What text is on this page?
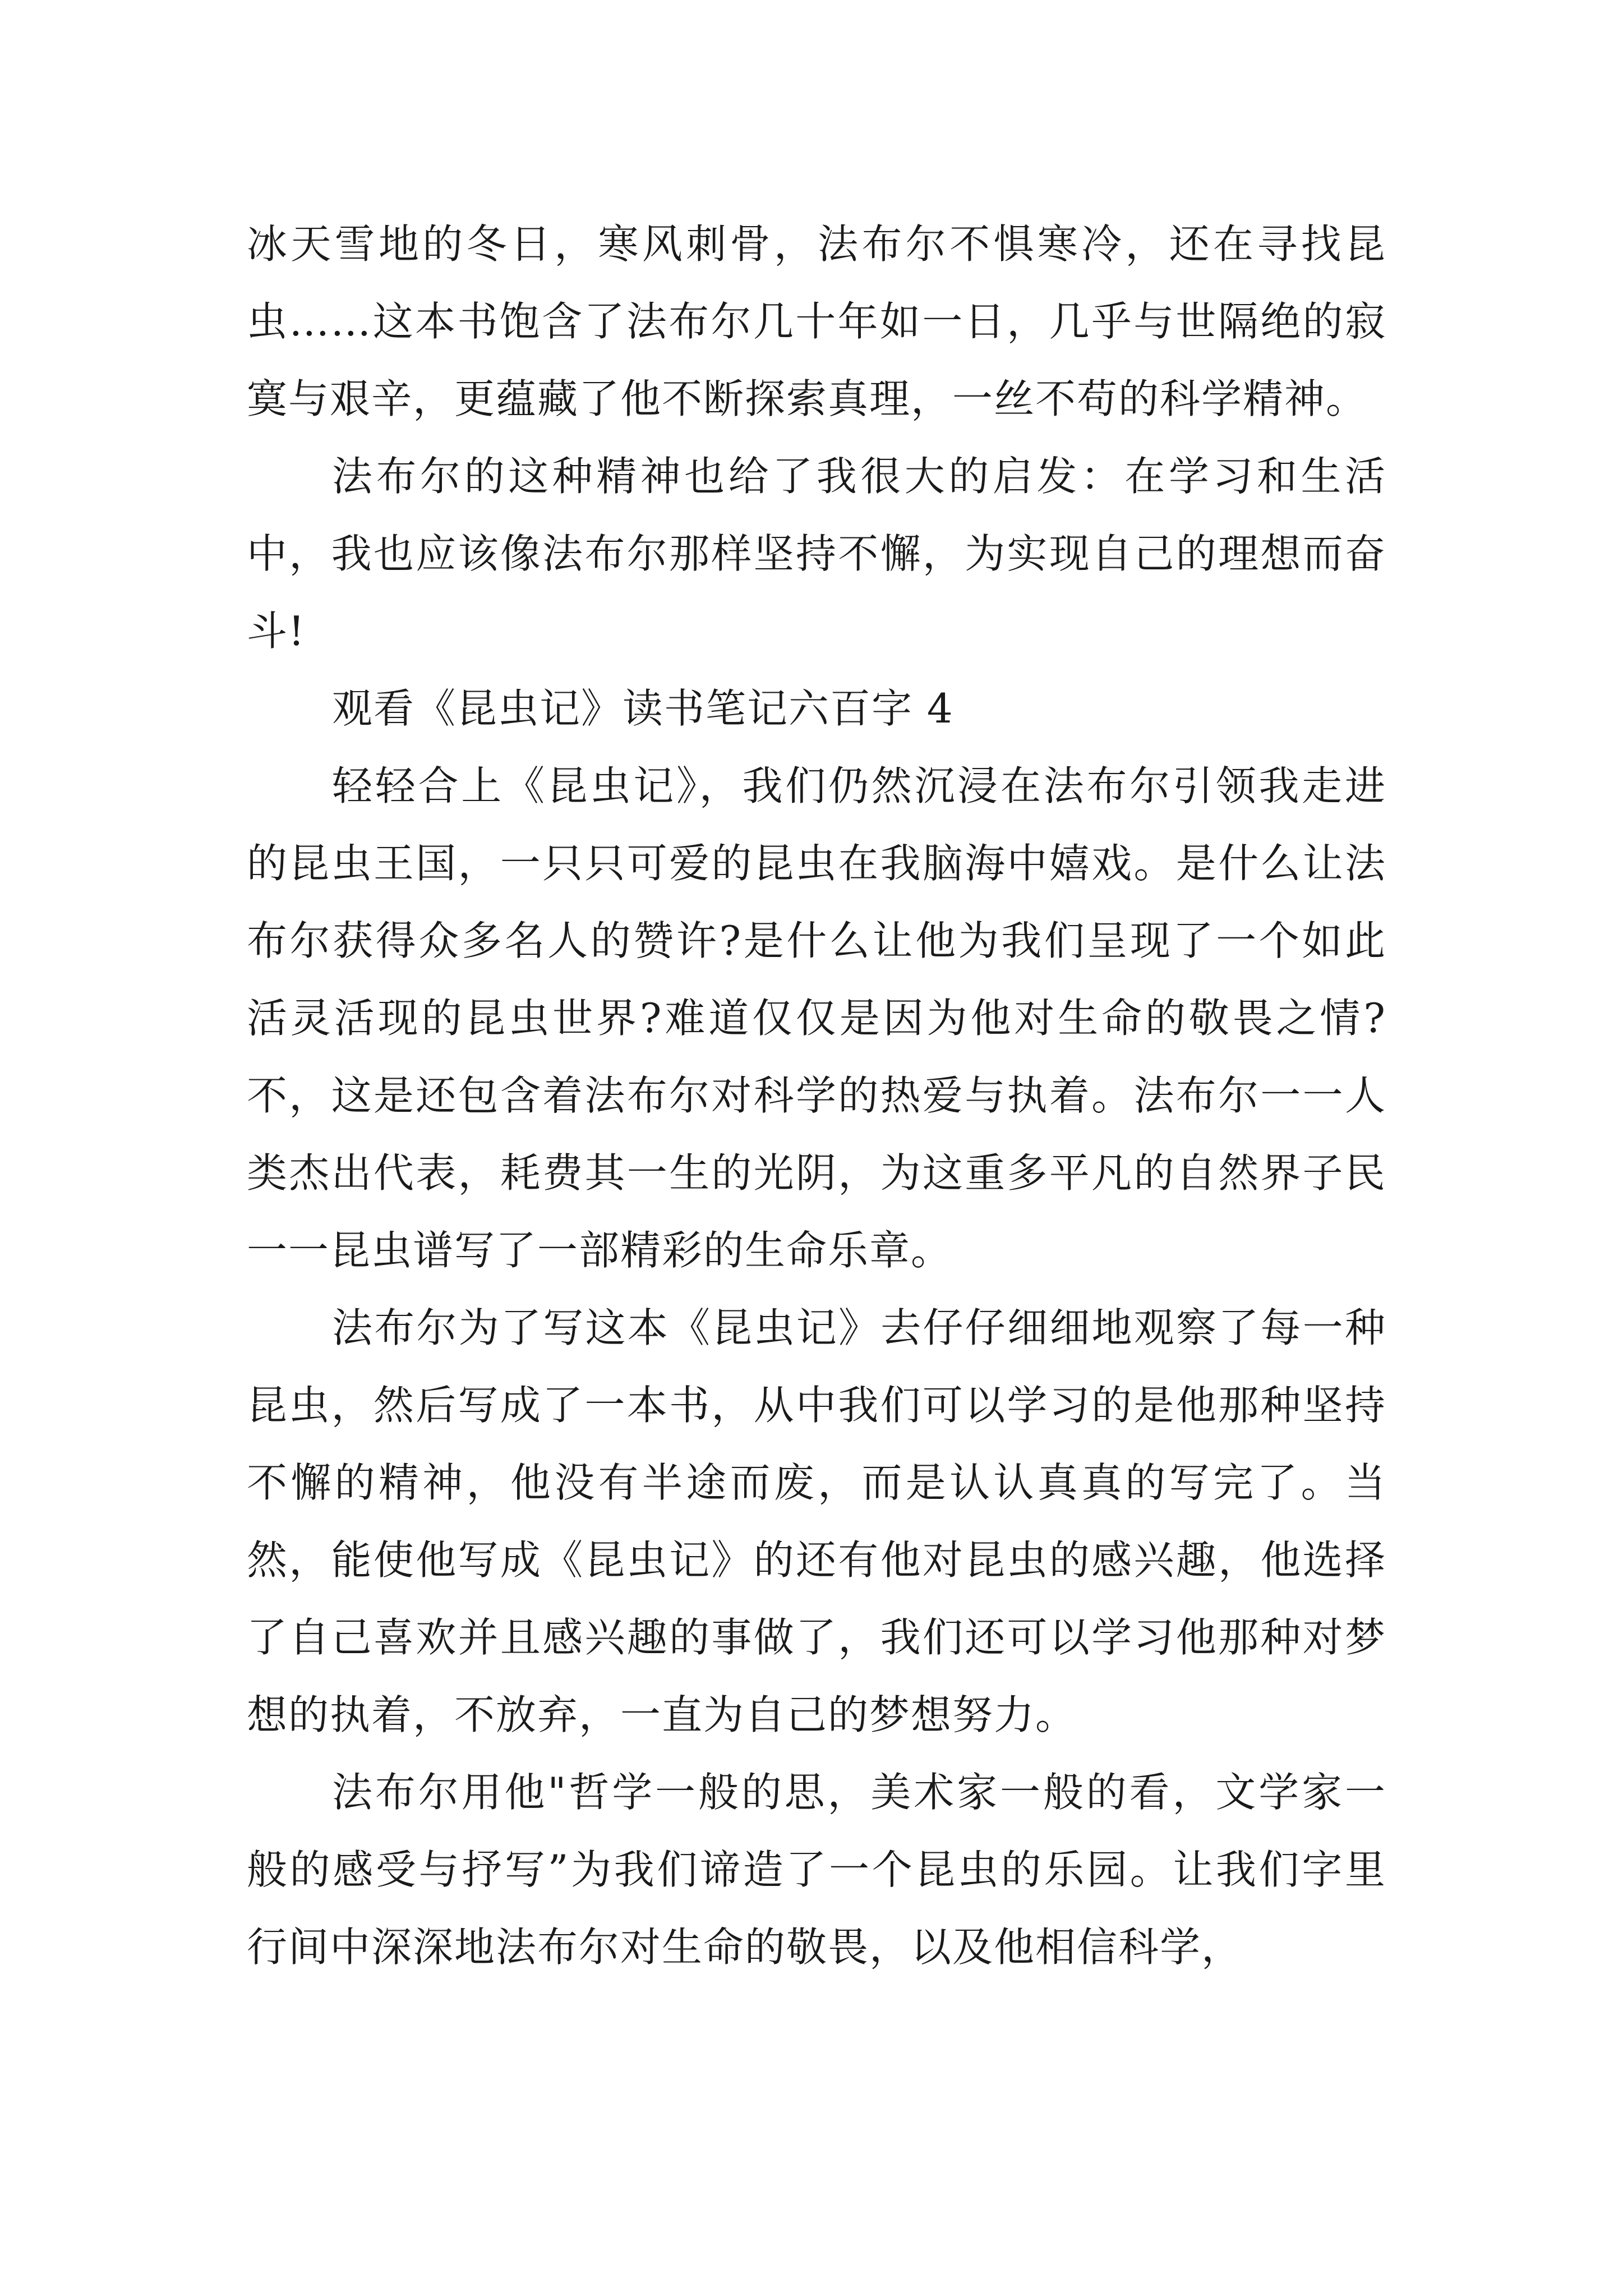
冰天雪地的冬日，寒风刺骨，法布尔不惧寒冷，还在寻找昆虫……这本书饱含了法布尔几十年如一日，几乎与世隔绝的寂寞与艰辛，更蕴藏了他不断探索真理，一丝不苟的科学精神。

法布尔的这种精神也给了我很大的启发：在学习和生活中，我也应该像法布尔那样坚持不懈，为实现自己的理想而奋斗!

观看《昆虫记》读书笔记六百字 4

轻轻合上《昆虫记》，我们仍然沉浸在法布尔引领我走进的昆虫王国，一只只可爱的昆虫在我脑海中嬉戏。是什么让法布尔获得众多名人的赞许?是什么让他为我们呈现了一个如此活灵活现的昆虫世界?难道仅仅是因为他对生命的敬畏之情?不，这是还包含着法布尔对科学的热爱与执着。法布尔一一人类杰出代表，耗费其一生的光阴，为这重多平凡的自然界子民一一昆虫谱写了一部精彩的生命乐章。

法布尔为了写这本《昆虫记》去仔仔细细地观察了每一种昆虫，然后写成了一本书，从中我们可以学习的是他那种坚持不懈的精神，他没有半途而废，而是认认真真的写完了。当然，能使他写成《昆虫记》的还有他对昆虫的感兴趣，他选择了自己喜欢并且感兴趣的事做了，我们还可以学习他那种对梦想的执着，不放弃，一直为自己的梦想努力。

法布尔用他"哲学一般的思，美术家一般的看，文学家一般的感受与抒写”为我们谛造了一个昆虫的乐园。让我们字里行间中深深地法布尔对生命的敬畏，以及他相信科学，
